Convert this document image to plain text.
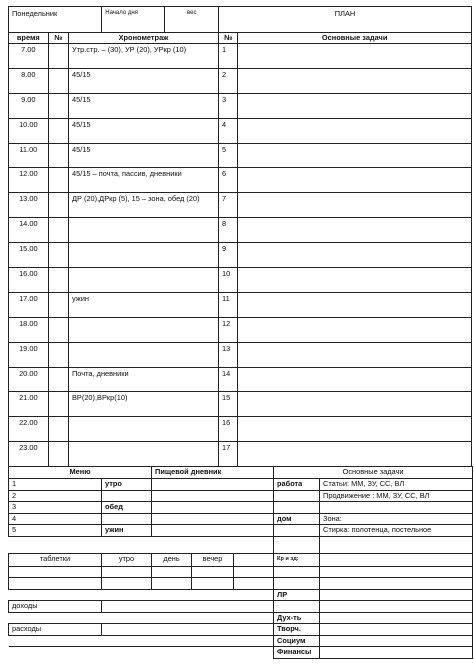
Понедельник			Начало дня	вес	ПЛАН	
время	№	Хронометраж			№	Основные задачи
7.00		Утр.стр. – (30), УР (20), УРкр (10)			1	
8.00		45/15			2	
9.00		45/15			3	
10.00		45/15			4	
11.00		45/15			5	
12.00		45/15 – почта, пассив, дневники			6	
13.00		ДР (20),ДРкр (5), 15 – зона, обед (20)			7	
14.00					8	
15.00					9	
16.00					10	
17.00		ужин			11	
18.00					12	
19.00					13	
20.00		Почта, дневники			14	
21.00		ВР(20),ВРкр(10)			15	
22.00					16	
23.00					17	
Меню		Пищевой дневник			Основные задачи	
1	утро				работа	Статьи: ММ, ЗУ, СС, ВЛ
2						Продвижение : ММ, ЗУ, СС, ВЛ
3	обед					
4					дом	Зона:
5	ужин					Стирка: полотенца, постельное

таблетки	утро	день	вечер		Кр и зд:	

					ЛР	
доходы						
					Дух-ть	
расходы					Творч.	
					Социум	
					Финансы	
